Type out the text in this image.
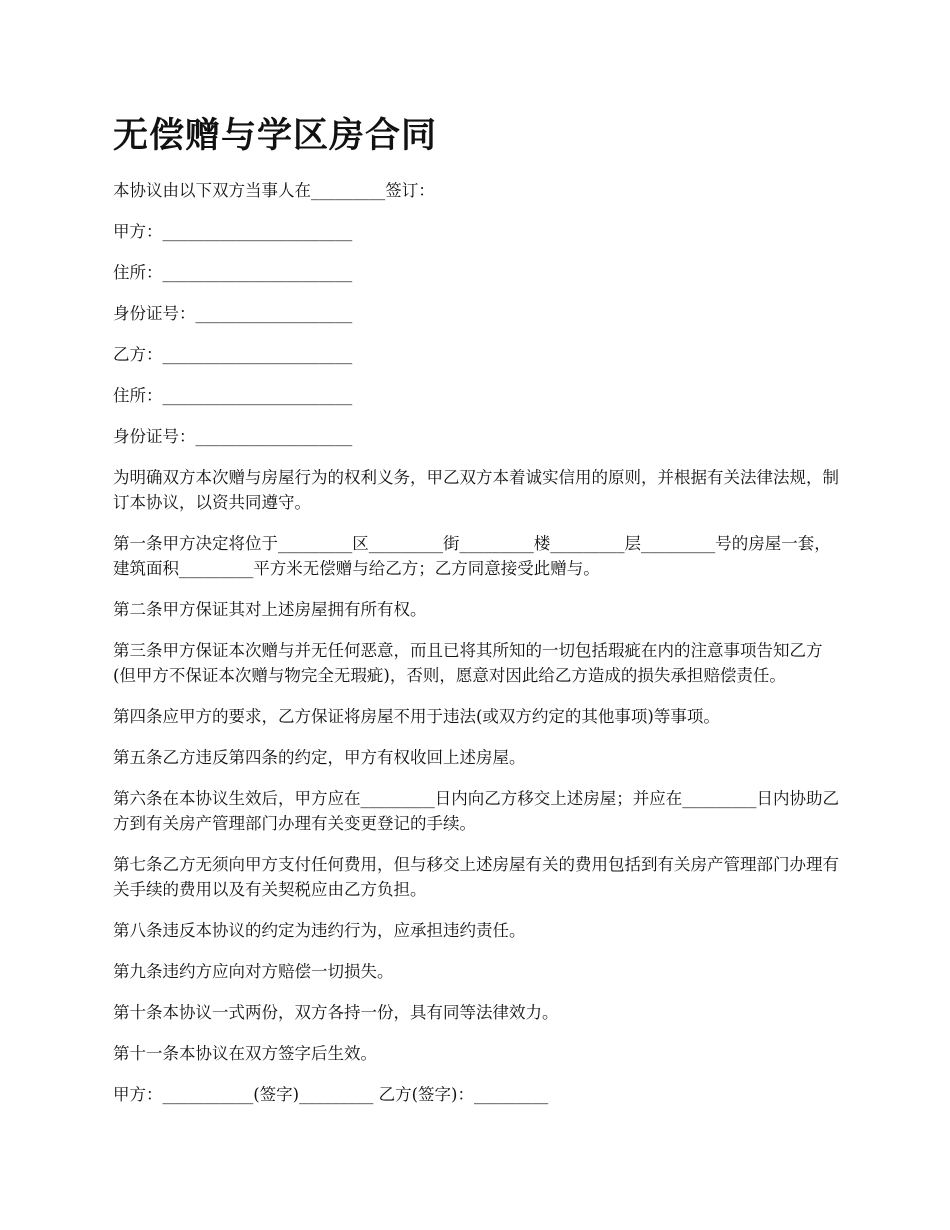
无偿赠与学区房合同

本协议由以下双方当事人在_________签订：

甲方：_______________________

住所：_______________________

身份证号：___________________

乙方：_______________________

住所：_______________________

身份证号：___________________

为明确双方本次赠与房屋行为的权利义务，甲乙双方本着诚实信用的原则，并根据有关法律法规，制订本协议，以资共同遵守。

第一条甲方决定将位于_________区_________街_________楼_________层_________号的房屋一套，建筑面积_________平方米无偿赠与给乙方；乙方同意接受此赠与。

第二条甲方保证其对上述房屋拥有所有权。

第三条甲方保证本次赠与并无任何恶意，而且已将其所知的一切包括瑕疵在内的注意事项告知乙方(但甲方不保证本次赠与物完全无瑕疵)，否则，愿意对因此给乙方造成的损失承担赔偿责任。

第四条应甲方的要求，乙方保证将房屋不用于违法(或双方约定的其他事项)等事项。

第五条乙方违反第四条的约定，甲方有权收回上述房屋。

第六条在本协议生效后，甲方应在_________日内向乙方移交上述房屋；并应在_________日内协助乙方到有关房产管理部门办理有关变更登记的手续。

第七条乙方无须向甲方支付任何费用，但与移交上述房屋有关的费用包括到有关房产管理部门办理有关手续的费用以及有关契税应由乙方负担。

第八条违反本协议的约定为违约行为，应承担违约责任。

第九条违约方应向对方赔偿一切损失。

第十条本协议一式两份，双方各持一份，具有同等法律效力。

第十一条本协议在双方签字后生效。

甲方：___________(签字)_________ 乙方(签字)：_________
